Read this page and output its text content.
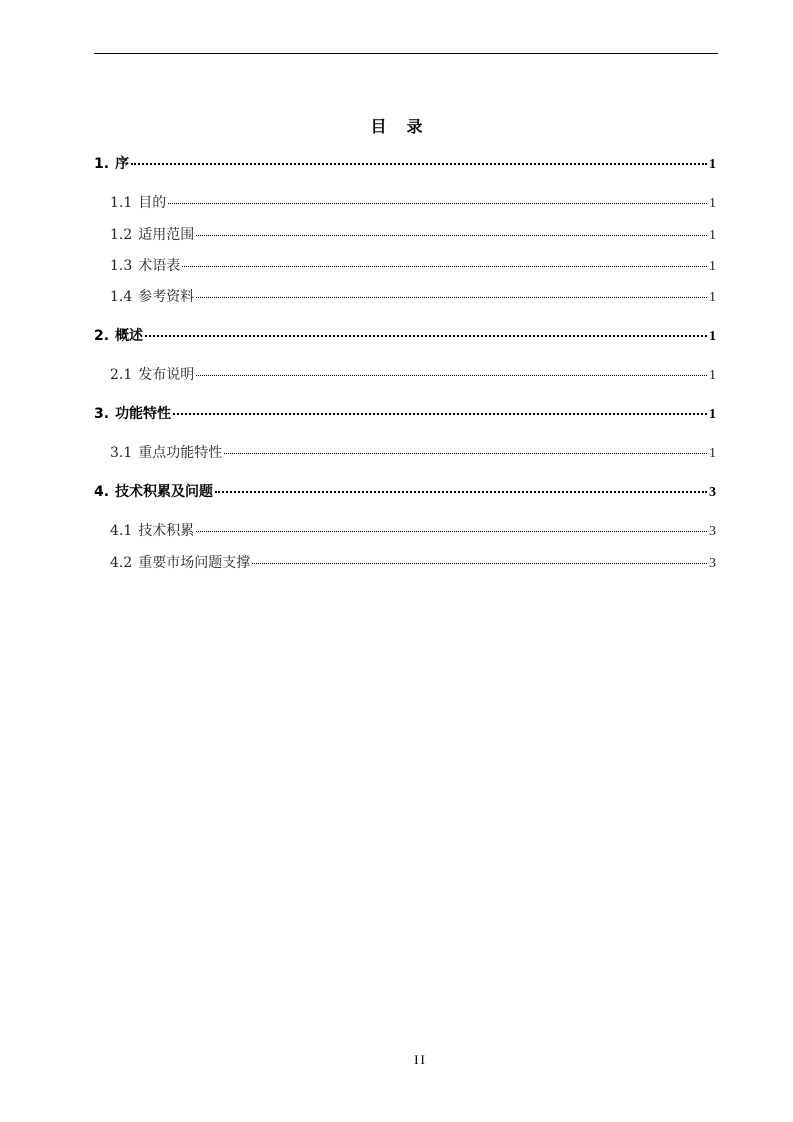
目 录
1. 序	1
1.1 目的	1
1.2 适用范围	1
1.3 术语表	1
1.4 参考资料	1
2. 概述	1
2.1 发布说明	1
3. 功能特性	1
3.1 重点功能特性	1
4. 技术积累及问题	3
4.1 技术积累	3
4.2 重要市场问题支撑	3
II
